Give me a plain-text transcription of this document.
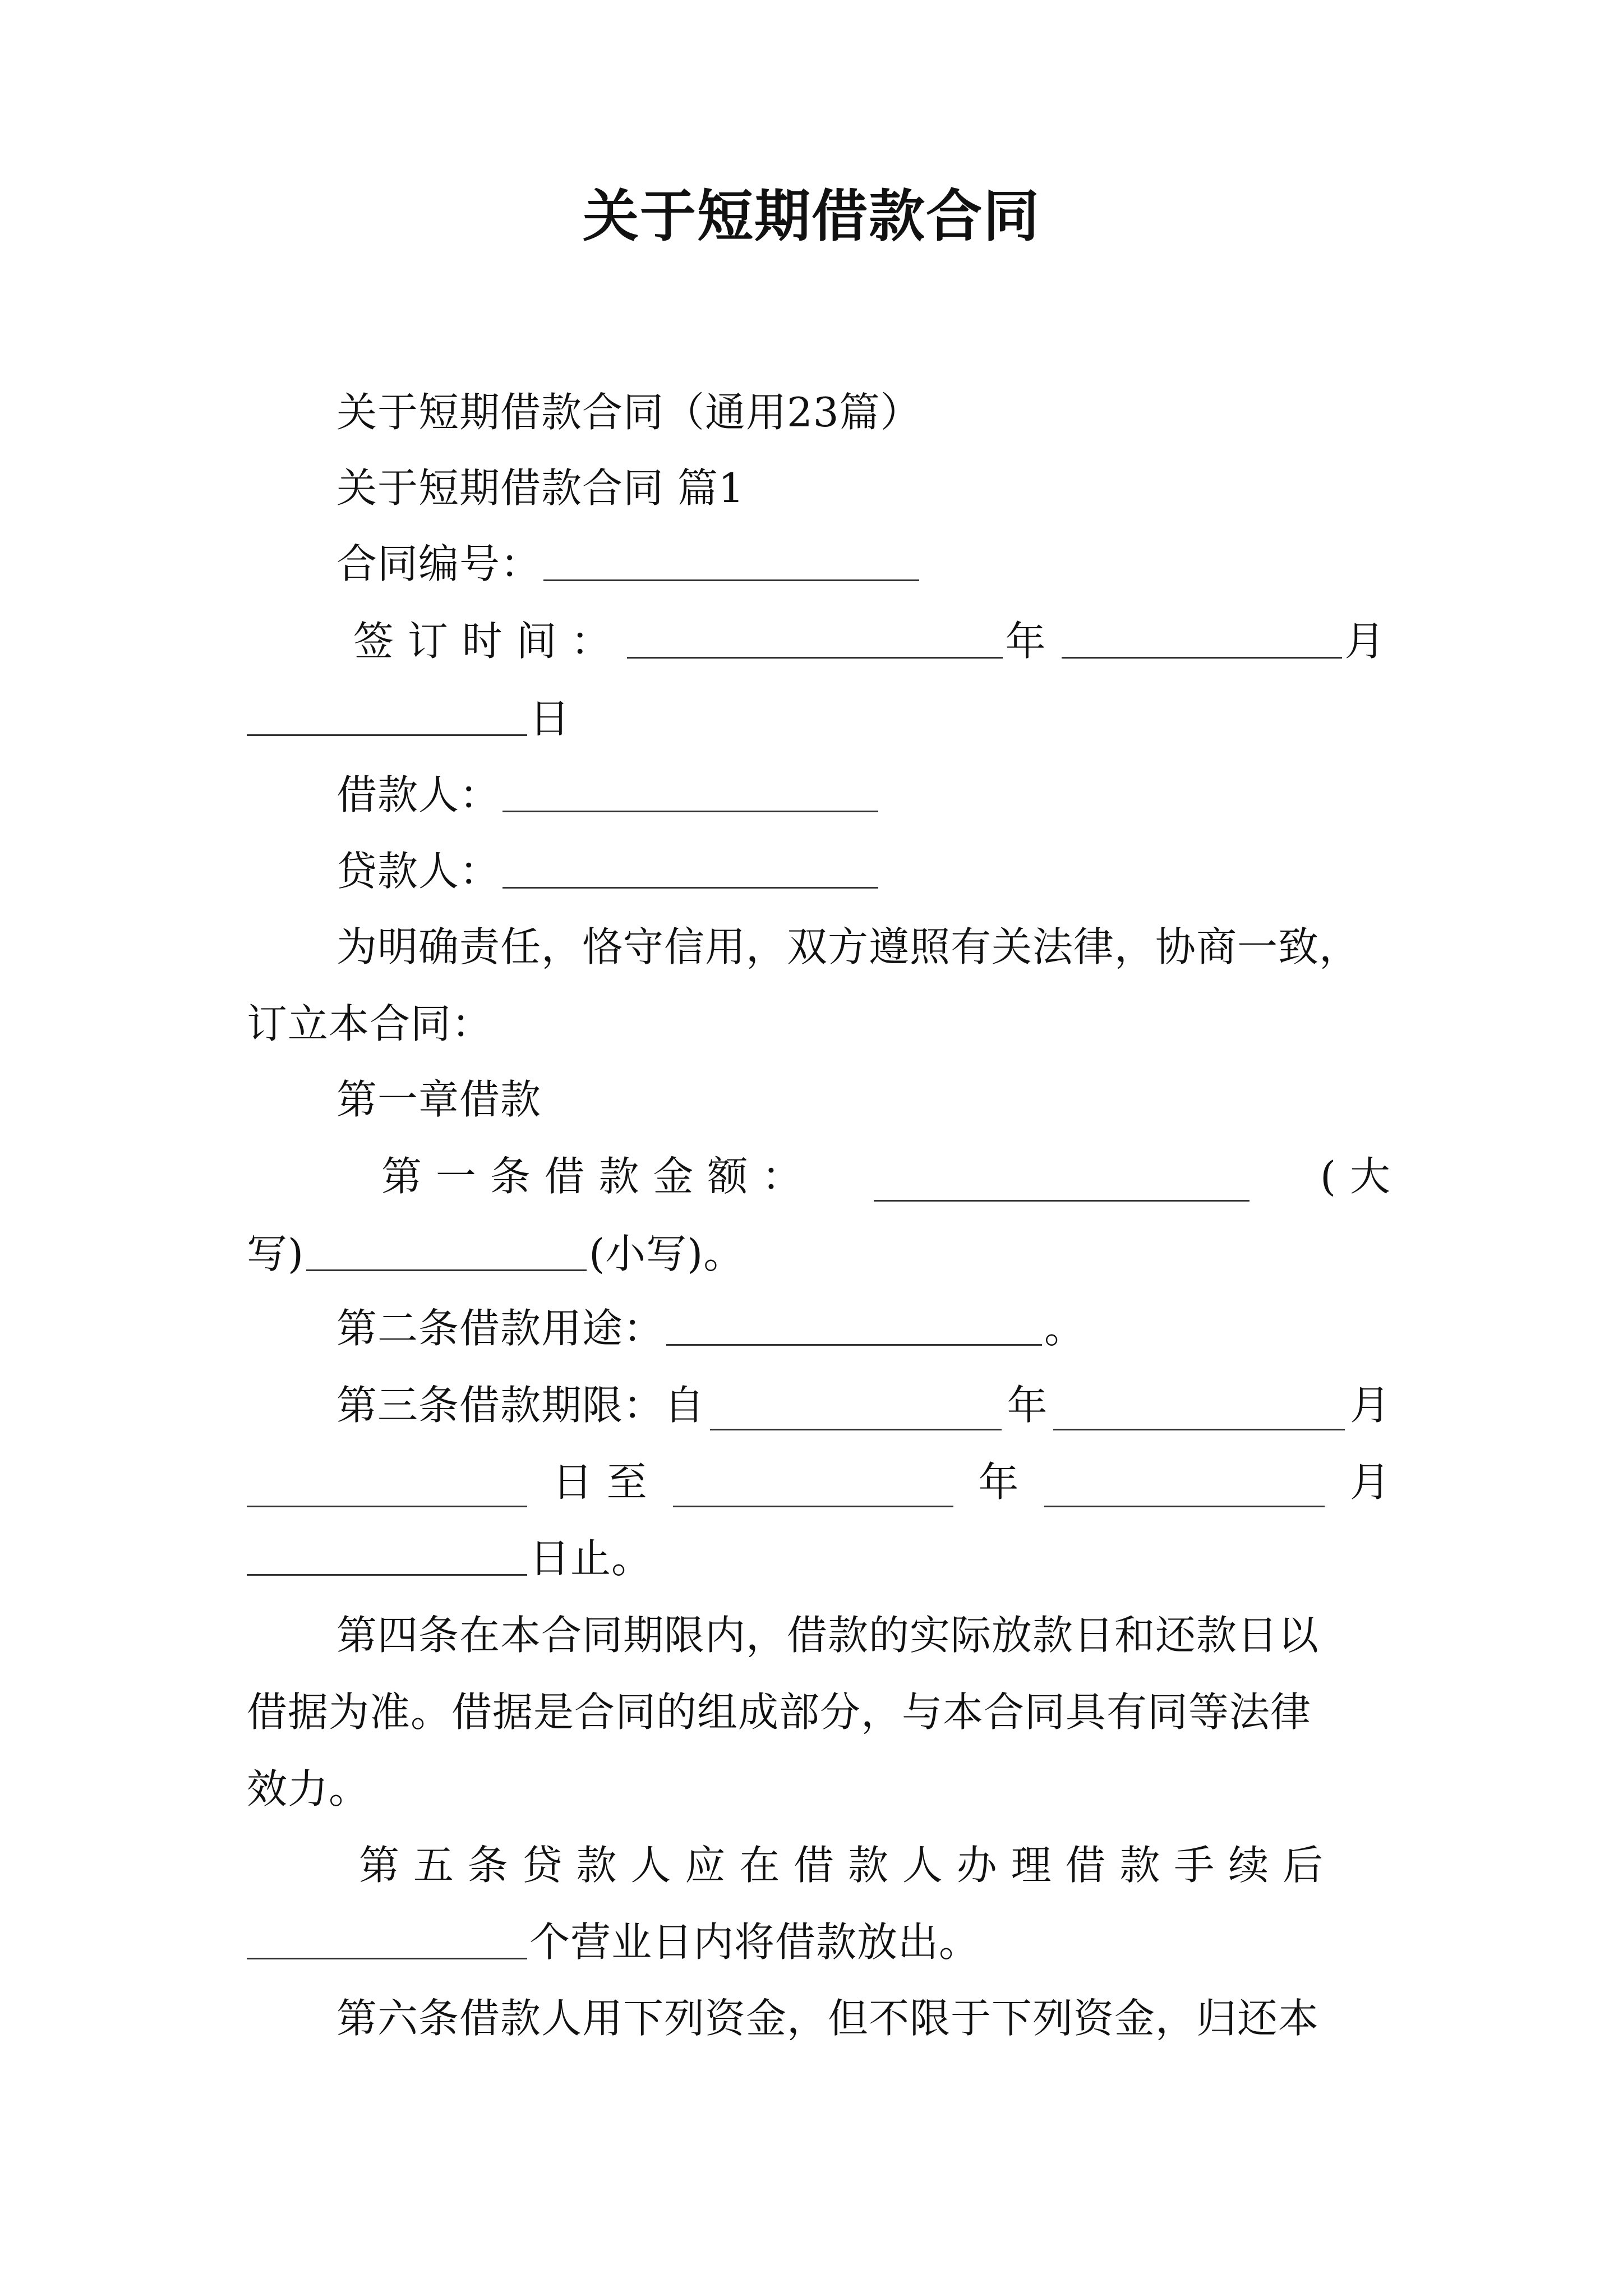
关于短期借款合同
关于短期借款合同（通用23篇）
关于短期借款合同 篇1
合同编号：
签 订 时 间 ：	年	月
日
借款人：
贷款人：
为明确责任，恪守信用，双方遵照有关法律，协商一致，
订立本合同：
第一章借款
第 一 条 借 款 金 额 ：	( 大
写)	(小写)。
第二条借款用途：	。
第三条借款期限：自	年	月
日 至	年	月
日止。
第四条在本合同期限内，借款的实际放款日和还款日以
借据为准。借据是合同的组成部分，与本合同具有同等法律
效力。
第 五 条 贷 款 人 应 在 借 款 人 办 理 借 款 手 续 后
个营业日内将借款放出。
第六条借款人用下列资金，但不限于下列资金，归还本
